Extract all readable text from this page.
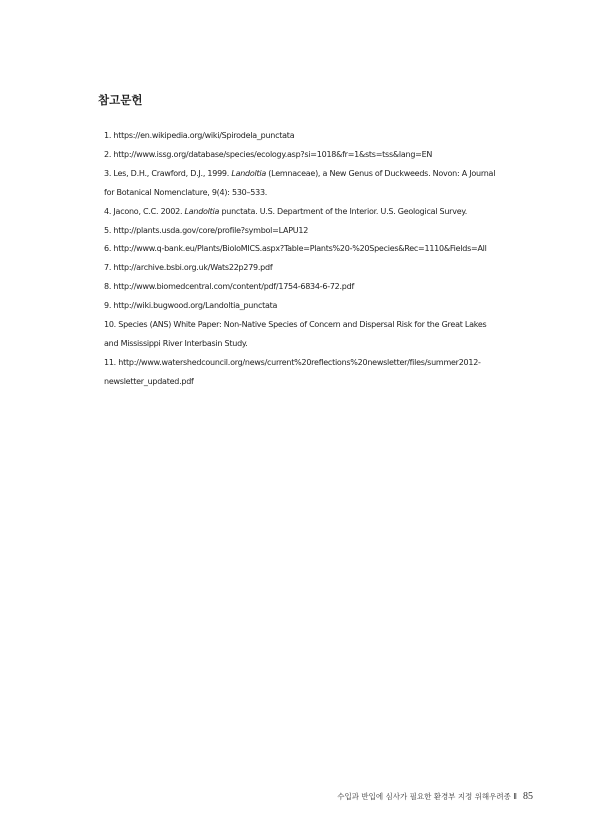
참고문헌
1. https://en.wikipedia.org/wiki/Spirodela_punctata
2. http://www.issg.org/database/species/ecology.asp?si=1018&fr=1&sts=tss&lang=EN
3. Les, D.H., Crawford, D.J., 1999. Landoltia (Lemnaceae), a New Genus of Duckweeds. Novon: A Journal
for Botanical Nomenclature, 9(4): 530–533.
4. Jacono, C.C. 2002. Landoltia punctata. U.S. Department of the Interior. U.S. Geological Survey.
5. http://plants.usda.gov/core/profile?symbol=LAPU12
6. http://www.q-bank.eu/Plants/BioloMICS.aspx?Table=Plants%20-%20Species&Rec=1110&Fields=All
7. http://archive.bsbi.org.uk/Wats22p279.pdf
8. http://www.biomedcentral.com/content/pdf/1754-6834-6-72.pdf
9. http://wiki.bugwood.org/Landoltia_punctata
10. Species (ANS) White Paper: Non-Native Species of Concern and Dispersal Risk for the Great Lakes
and Mississippi River Interbasin Study.
11. http://www.watershedcouncil.org/news/current%20reflections%20newsletter/files/summer2012-
newsletter_updated.pdf
수입과 반입에 심사가 필요한 환경부 지정 위해우려종 Ⅱ 85
